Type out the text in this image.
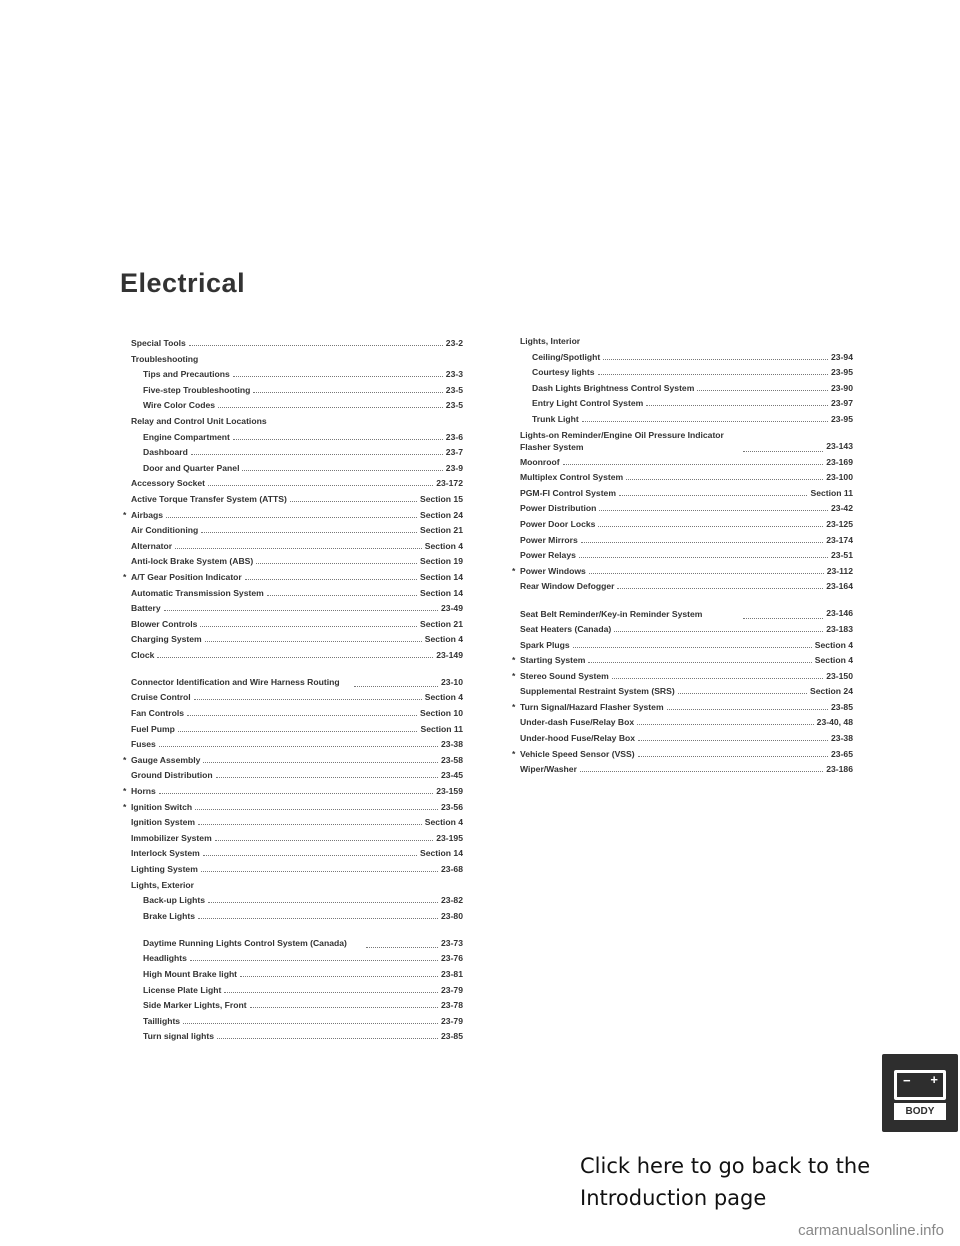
Electrical
Special Tools	23-2
Troubleshooting
Tips and Precautions	23-3
Five-step Troubleshooting	23-5
Wire Color Codes	23-5
Relay and Control Unit Locations
Engine Compartment	23-6
Dashboard	23-7
Door and Quarter Panel	23-9
Accessory Socket	23-172
Active Torque Transfer System (ATTS)	Section 15
* Airbags	Section 24
Air Conditioning	Section 21
Alternator	Section 4
Anti-lock Brake System (ABS)	Section 19
* A/T Gear Position Indicator	Section 14
Automatic Transmission System	Section 14
Battery	23-49
Blower Controls	Section 21
Charging System	Section 4
Clock	23-149
Connector Identification and Wire Harness Routing	23-10
Cruise Control	Section 4
Fan Controls	Section 10
Fuel Pump	Section 11
Fuses	23-38
* Gauge Assembly	23-58
Ground Distribution	23-45
* Horns	23-159
* Ignition Switch	23-56
Ignition System	Section 4
Immobilizer System	23-195
Interlock System	Section 14
Lighting System	23-68
Lights, Exterior
Back-up Lights	23-82
Brake Lights	23-80
Daytime Running Lights Control System (Canada)	23-73
Headlights	23-76
High Mount Brake light	23-81
License Plate Light	23-79
Side Marker Lights, Front	23-78
Taillights	23-79
Turn signal lights	23-85
Lights, Interior
Ceiling/Spotlight	23-94
Courtesy lights	23-95
Dash Lights Brightness Control System	23-90
Entry Light Control System	23-97
Trunk Light	23-95
Lights-on Reminder/Engine Oil Pressure Indicator Flasher System	23-143
Moonroof	23-169
Multiplex Control System	23-100
PGM-FI Control System	Section 11
Power Distribution	23-42
Power Door Locks	23-125
Power Mirrors	23-174
Power Relays	23-51
* Power Windows	23-112
Rear Window Defogger	23-164
Seat Belt Reminder/Key-in Reminder System	23-146
Seat Heaters (Canada)	23-183
Spark Plugs	Section 4
* Starting System	Section 4
* Stereo Sound System	23-150
Supplemental Restraint System (SRS)	Section 24
* Turn Signal/Hazard Flasher System	23-85
Under-dash Fuse/Relay Box	23-40, 48
Under-hood Fuse/Relay Box	23-38
* Vehicle Speed Sensor (VSS)	23-65
Wiper/Washer	23-186
− +
BODY
Click here to go back to the Introduction page
carmanualsonline.info
